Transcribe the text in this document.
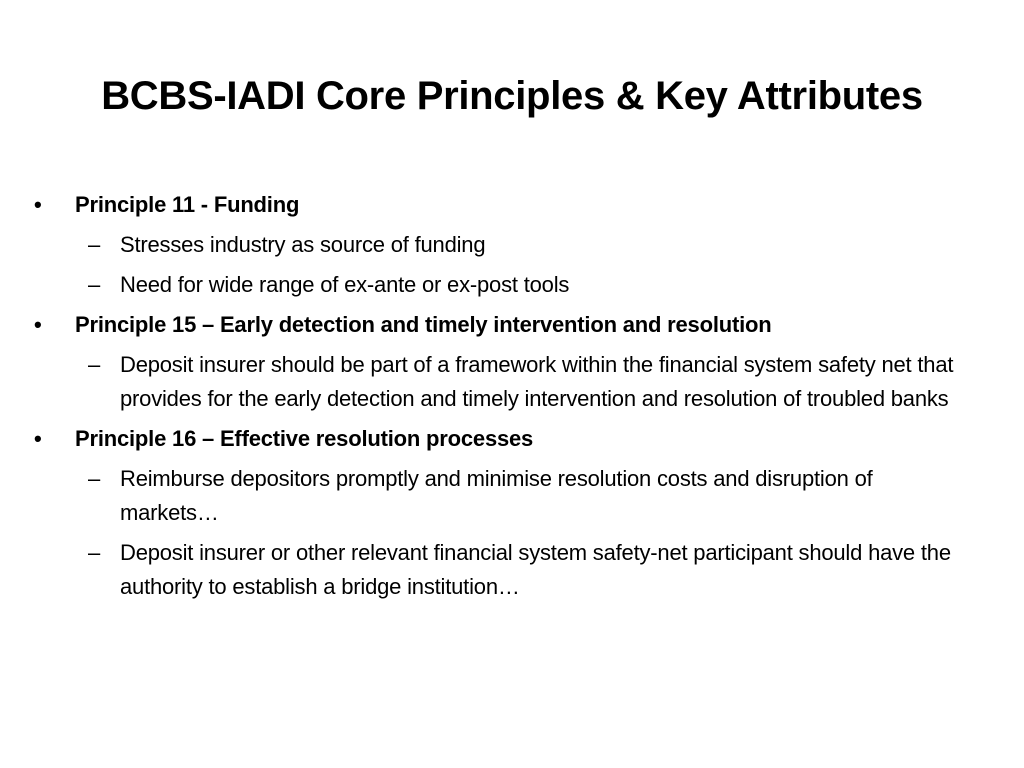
BCBS-IADI Core Principles & Key Attributes
•	Principle 11 - Funding
– Stresses industry as source of funding
– Need for wide range of ex-ante or ex-post tools
•	Principle 15 – Early detection and timely intervention and resolution
– Deposit insurer should be part of a framework within the financial system safety net that provides for the early detection and timely intervention and resolution of troubled banks
•	Principle 16 – Effective resolution processes
– Reimburse depositors promptly and minimise resolution costs and disruption of markets…
– Deposit insurer or other relevant financial system safety-net participant should have the authority to establish a bridge institution…
